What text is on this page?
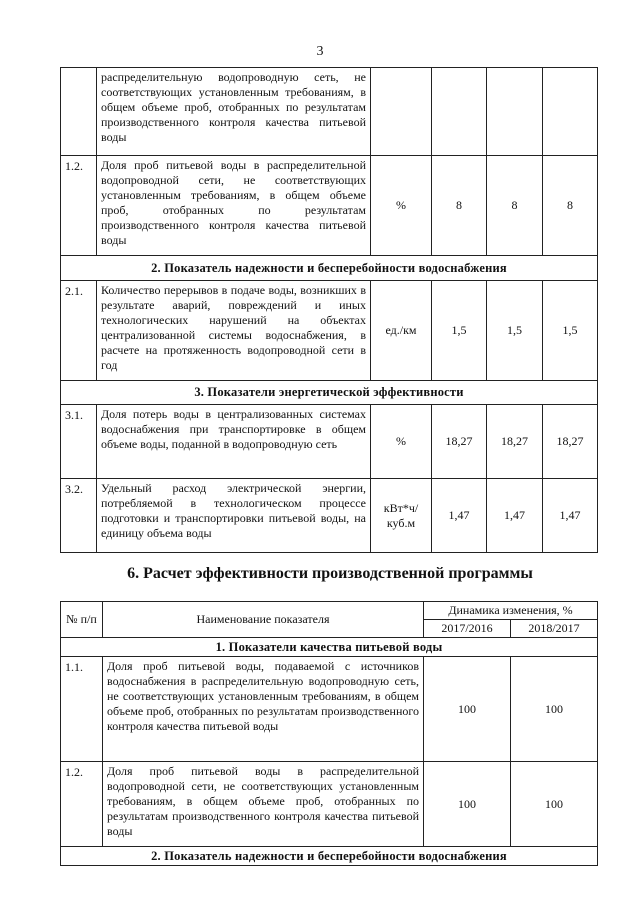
3
	распределительную водопроводную сеть, не соответствующих установленным требованиям, в общем объеме проб, отобранных по результатам производственного контроля качества питьевой воды				
1.2.	Доля проб питьевой воды в распределительной водопроводной сети, не соответствующих установленным требованиям, в общем объеме проб, отобранных по результатам производственного контроля качества питьевой воды	%	8	8	8
2. Показатель надежности и бесперебойности водоснабжения					
2.1.	Количество перерывов в подаче воды, возникших в результате аварий, повреждений и иных технологических нарушений на объектах централизованной системы водоснабжения, в расчете на протяженность водопроводной сети в год	ед./км	1,5	1,5	1,5
3. Показатели энергетической эффективности					
3.1.	Доля потерь воды в централизованных системах водоснабжения при транспортировке в общем объеме воды, поданной в водопроводную сеть	%	18,27	18,27	18,27
3.2.	Удельный расход электрической энергии, потребляемой в технологическом процессе подготовки и транспортировки питьевой воды, на единицу объема воды	кВт*ч/ куб.м	1,47	1,47	1,47
6. Расчет эффективности производственной программы
№ п/п	Наименование показателя	Динамика изменения, %	
		2017/2016	2018/2017
1. Показатели качества питьевой воды			
1.1.	Доля проб питьевой воды, подаваемой с источников водоснабжения в распределительную водопроводную сеть, не соответствующих установленным требованиям, в общем объеме проб, отобранных по результатам производственного контроля качества питьевой воды	100	100
1.2.	Доля проб питьевой воды в распределительной водопроводной сети, не соответствующих установленным требованиям, в общем объеме проб, отобранных по результатам производственного контроля качества питьевой воды	100	100
2. Показатель надежности и бесперебойности водоснабжения			
